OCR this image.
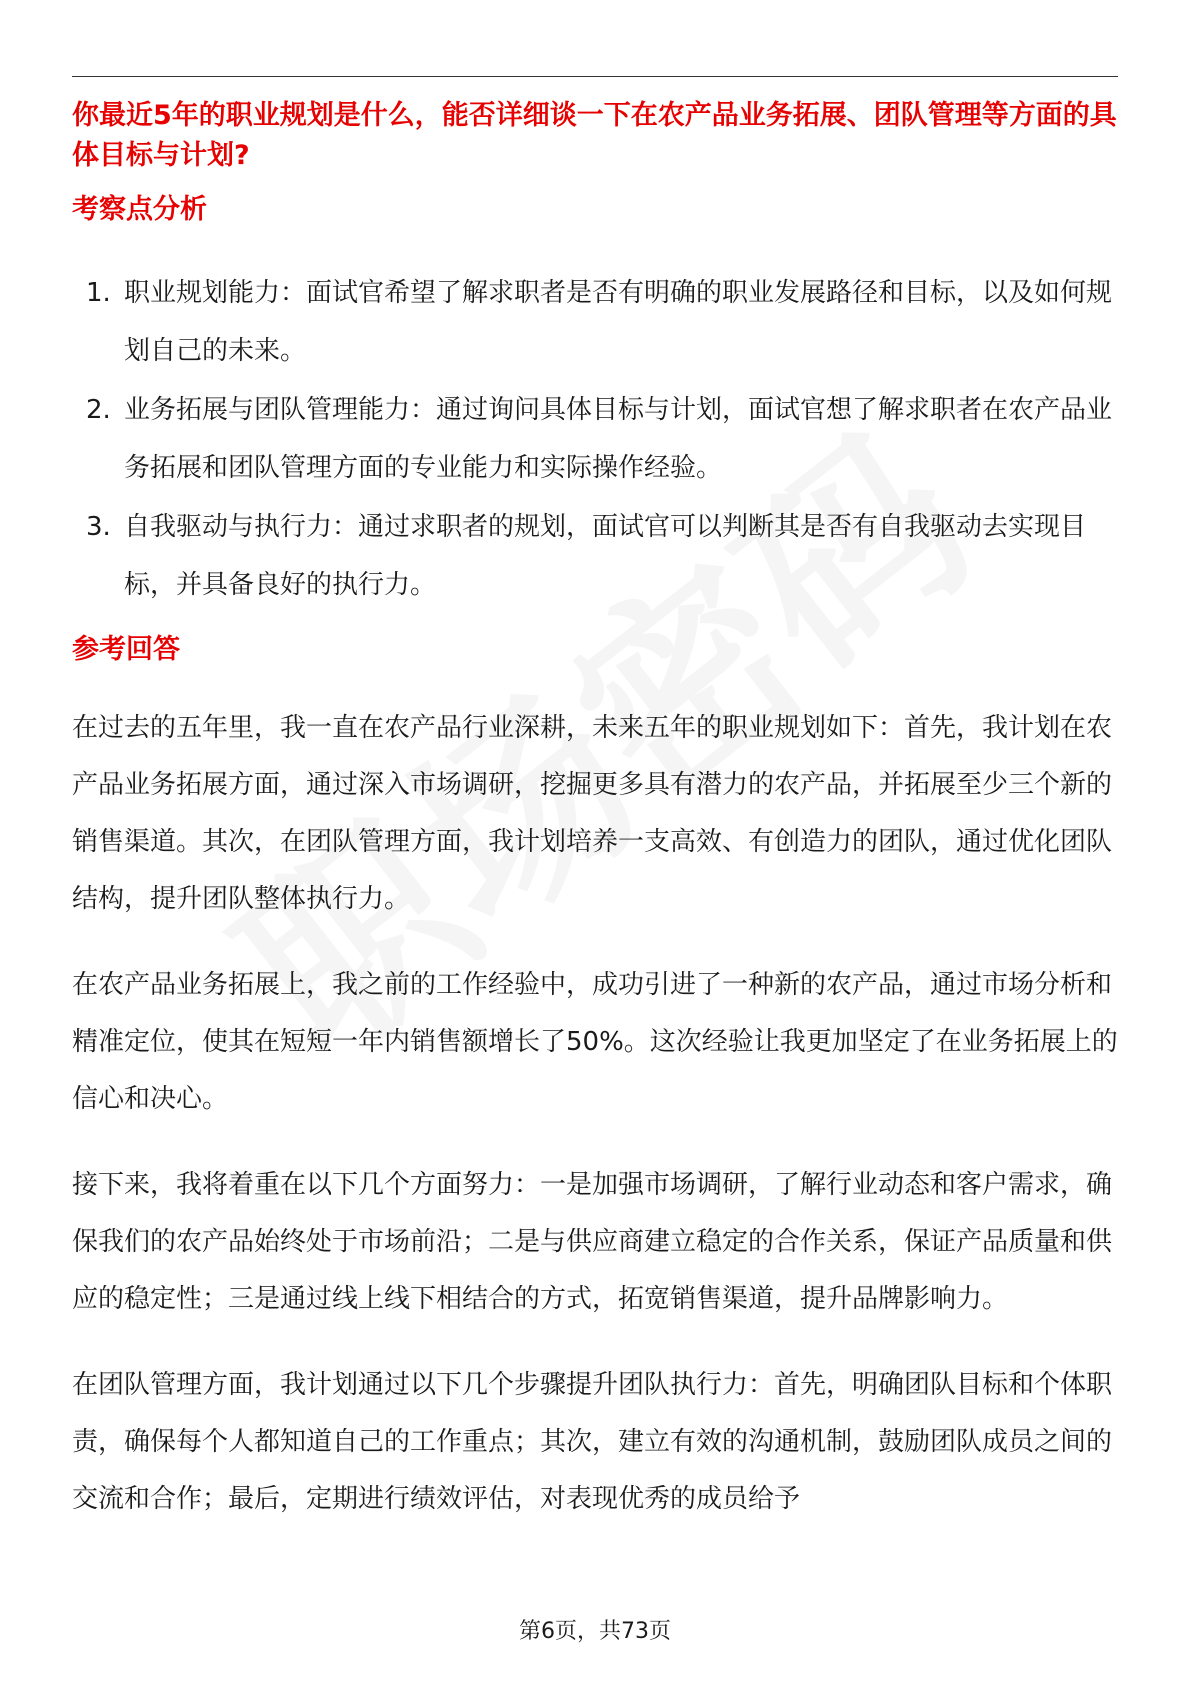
你最近5年的职业规划是什么，能否详细谈一下在农产品业务拓展、团队管理等方面的具体目标与计划?
考察点分析
1. 职业规划能力：面试官希望了解求职者是否有明确的职业发展路径和目标，以及如何规划自己的未来。
2. 业务拓展与团队管理能力：通过询问具体目标与计划，面试官想了解求职者在农产品业务拓展和团队管理方面的专业能力和实际操作经验。
3. 自我驱动与执行力：通过求职者的规划，面试官可以判断其是否有自我驱动去实现目标，并具备良好的执行力。
参考回答

在过去的五年里，我一直在农产品行业深耕，未来五年的职业规划如下：首先，我计划在农产品业务拓展方面，通过深入市场调研，挖掘更多具有潜力的农产品，并拓展至少三个新的销售渠道。其次，在团队管理方面，我计划培养一支高效、有创造力的团队，通过优化团队结构，提升团队整体执行力。

在农产品业务拓展上，我之前的工作经验中，成功引进了一种新的农产品，通过市场分析和精准定位，使其在短短一年内销售额增长了50%。这次经验让我更加坚定了在业务拓展上的信心和决心。

接下来，我将着重在以下几个方面努力：一是加强市场调研，了解行业动态和客户需求，确保我们的农产品始终处于市场前沿；二是与供应商建立稳定的合作关系，保证产品质量和供应的稳定性；三是通过线上线下相结合的方式，拓宽销售渠道，提升品牌影响力。

在团队管理方面，我计划通过以下几个步骤提升团队执行力：首先，明确团队目标和个体职责，确保每个人都知道自己的工作重点；其次，建立有效的沟通机制，鼓励团队成员之间的交流和合作；最后，定期进行绩效评估，对表现优秀的成员给予

第6页，共73页
